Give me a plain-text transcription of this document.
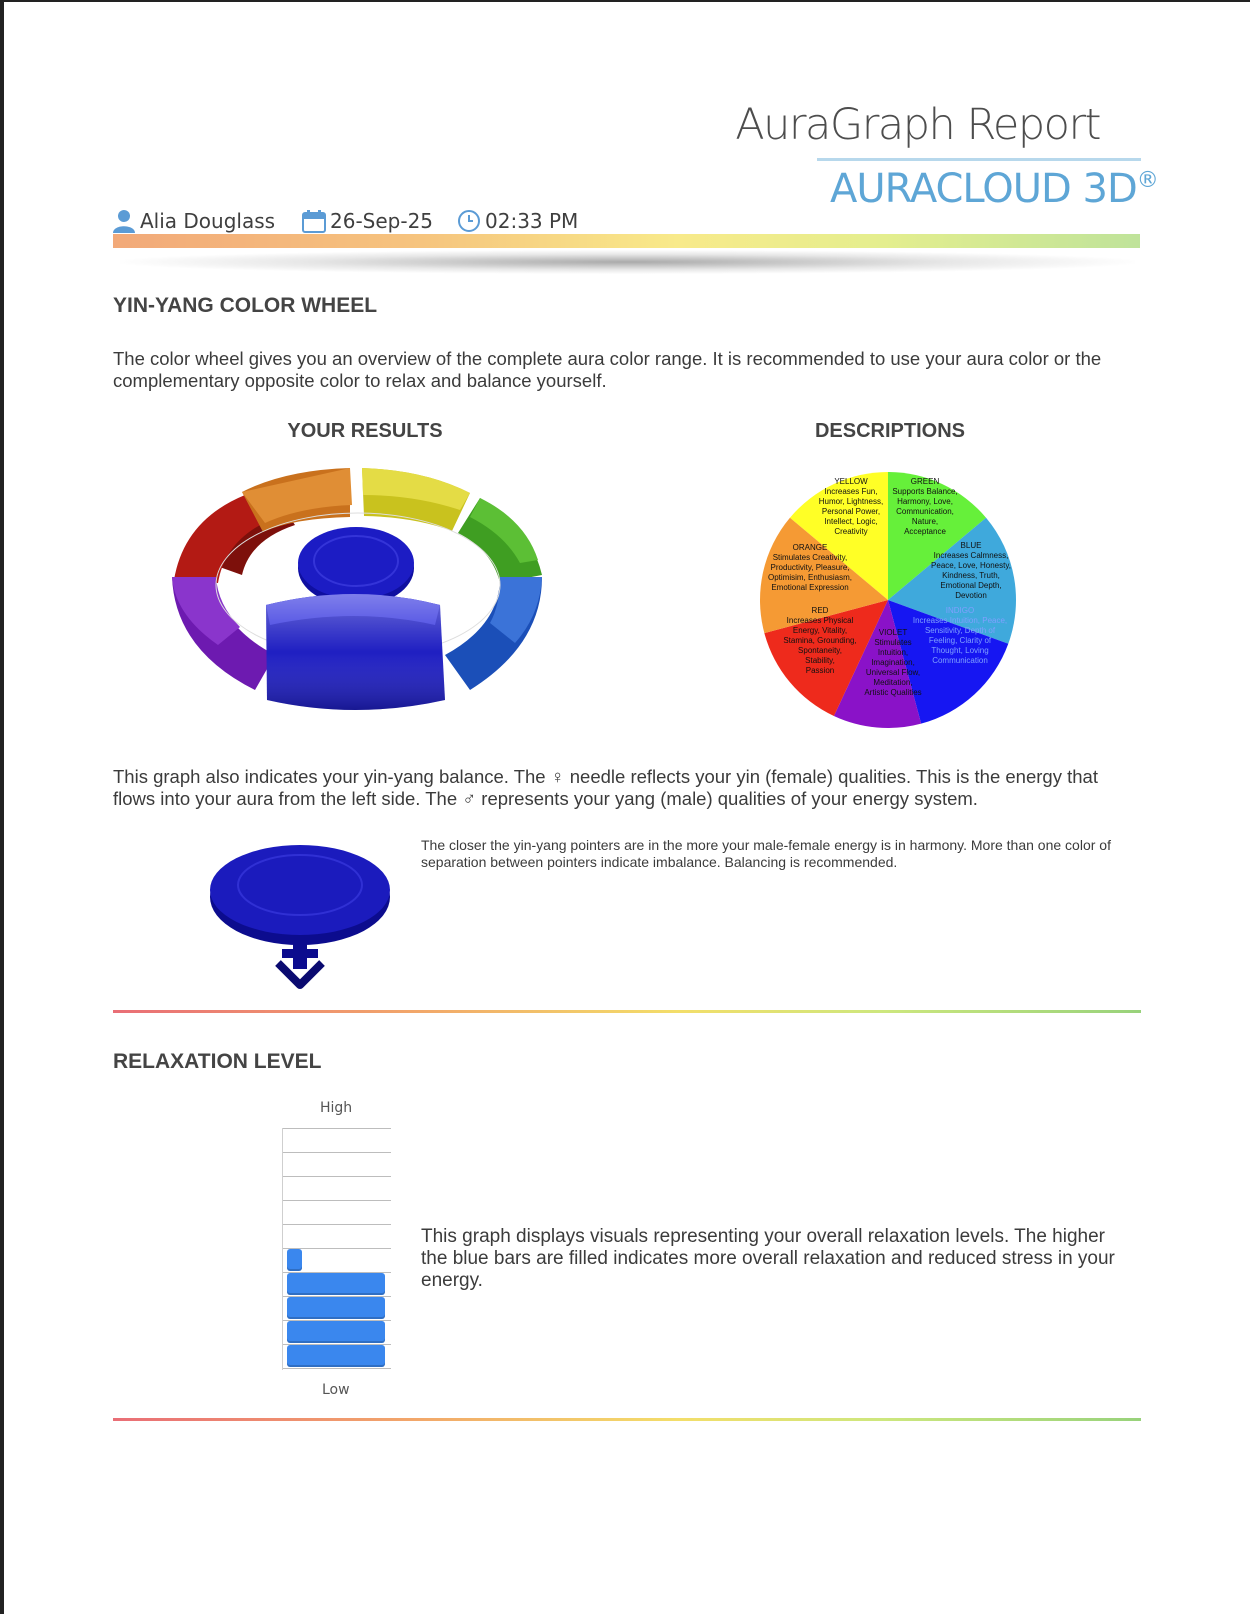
AuraGraph Report
AURACLOUD 3D®
Alia Douglass	26-Sep-25	02:33 PM
YIN-YANG COLOR WHEEL
The color wheel gives you an overview of the complete aura color range. It is recommended to use your aura color or the complementary opposite color to relax and balance yourself.
YOUR RESULTS	DESCRIPTIONS
YELLOW Increases Fun, Humor, Lightness, Personal Power, Intellect, Logic, Creativity
GREEN Supports Balance, Harmony, Love, Communication, Nature, Acceptance
BLUE Increases Calmness, Peace, Love, Honesty, Kindness, Truth, Emotional Depth, Devotion
INDIGO Increases Intuition, Peace, Sensitivity, Depth of Feeling, Clarity of Thought, Loving Communication
VIOLET Stimulates Intuition, Imagination, Universal Flow, Meditation, Artistic Qualities
RED Increases Physical Energy, Vitality, Stamina, Grounding, Spontaneity, Stability, Passion
ORANGE Stimulates Creativity, Productivity, Pleasure, Optimisim, Enthusiasm, Emotional Expression
This graph also indicates your yin-yang balance. The ♀ needle reflects your yin (female) qualities. This is the energy that flows into your aura from the left side. The ♂ represents your yang (male) qualities of your energy system.
The closer the yin-yang pointers are in the more your male-female energy is in harmony. More than one color of separation between pointers indicate imbalance. Balancing is recommended.
RELAXATION LEVEL
High
Low
This graph displays visuals representing your overall relaxation levels. The higher the blue bars are filled indicates more overall relaxation and reduced stress in your energy.
